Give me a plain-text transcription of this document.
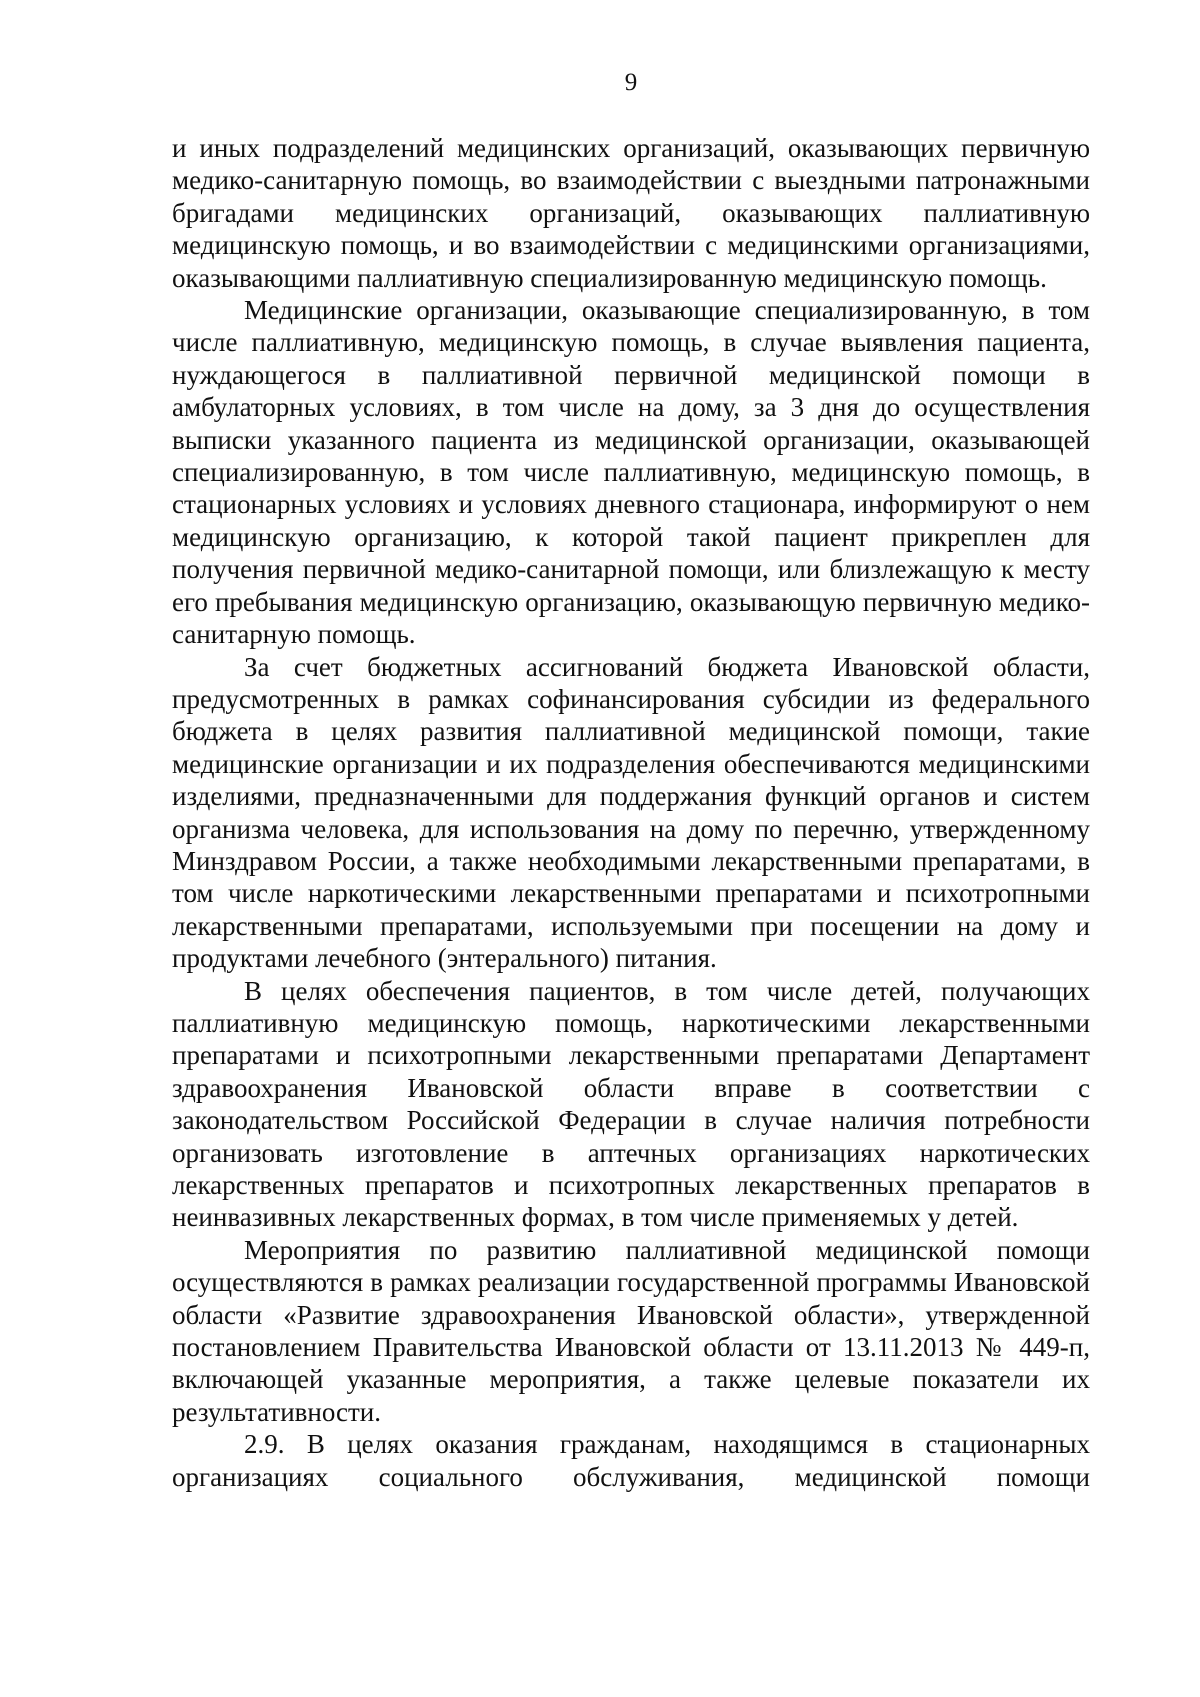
9

и иных подразделений медицинских организаций, оказывающих первичную медико-санитарную помощь, во взаимодействии с выездными патронажными бригадами медицинских организаций, оказывающих паллиативную медицинскую помощь, и во взаимодействии с медицинскими организациями, оказывающими паллиативную специализированную медицинскую помощь.

Медицинские организации, оказывающие специализированную, в том числе паллиативную, медицинскую помощь, в случае выявления пациента, нуждающегося в паллиативной первичной медицинской помощи в амбулаторных условиях, в том числе на дому, за 3 дня до осуществления выписки указанного пациента из медицинской организации, оказывающей специализированную, в том числе паллиативную, медицинскую помощь, в стационарных условиях и условиях дневного стационара, информируют о нем медицинскую организацию, к которой такой пациент прикреплен для получения первичной медико-санитарной помощи, или близлежащую к месту его пребывания медицинскую организацию, оказывающую первичную медико-санитарную помощь.

За счет бюджетных ассигнований бюджета Ивановской области, предусмотренных в рамках софинансирования субсидии из федерального бюджета в целях развития паллиативной медицинской помощи, такие медицинские организации и их подразделения обеспечиваются медицинскими изделиями, предназначенными для поддержания функций органов и систем организма человека, для использования на дому по перечню, утвержденному Минздравом России, а также необходимыми лекарственными препаратами, в том числе наркотическими лекарственными препаратами и психотропными лекарственными препаратами, используемыми при посещении на дому и продуктами лечебного (энтерального) питания.

В целях обеспечения пациентов, в том числе детей, получающих паллиативную медицинскую помощь, наркотическими лекарственными препаратами и психотропными лекарственными препаратами Департамент здравоохранения Ивановской области вправе в соответствии с законодательством Российской Федерации в случае наличия потребности организовать изготовление в аптечных организациях наркотических лекарственных препаратов и психотропных лекарственных препаратов в неинвазивных лекарственных формах, в том числе применяемых у детей.

Мероприятия по развитию паллиативной медицинской помощи осуществляются в рамках реализации государственной программы Ивановской области «Развитие здравоохранения Ивановской области», утвержденной постановлением Правительства Ивановской области от 13.11.2013 № 449-п, включающей указанные мероприятия, а также целевые показатели их результативности.

2.9. В целях оказания гражданам, находящимся в стационарных организациях социального обслуживания, медицинской помощи
